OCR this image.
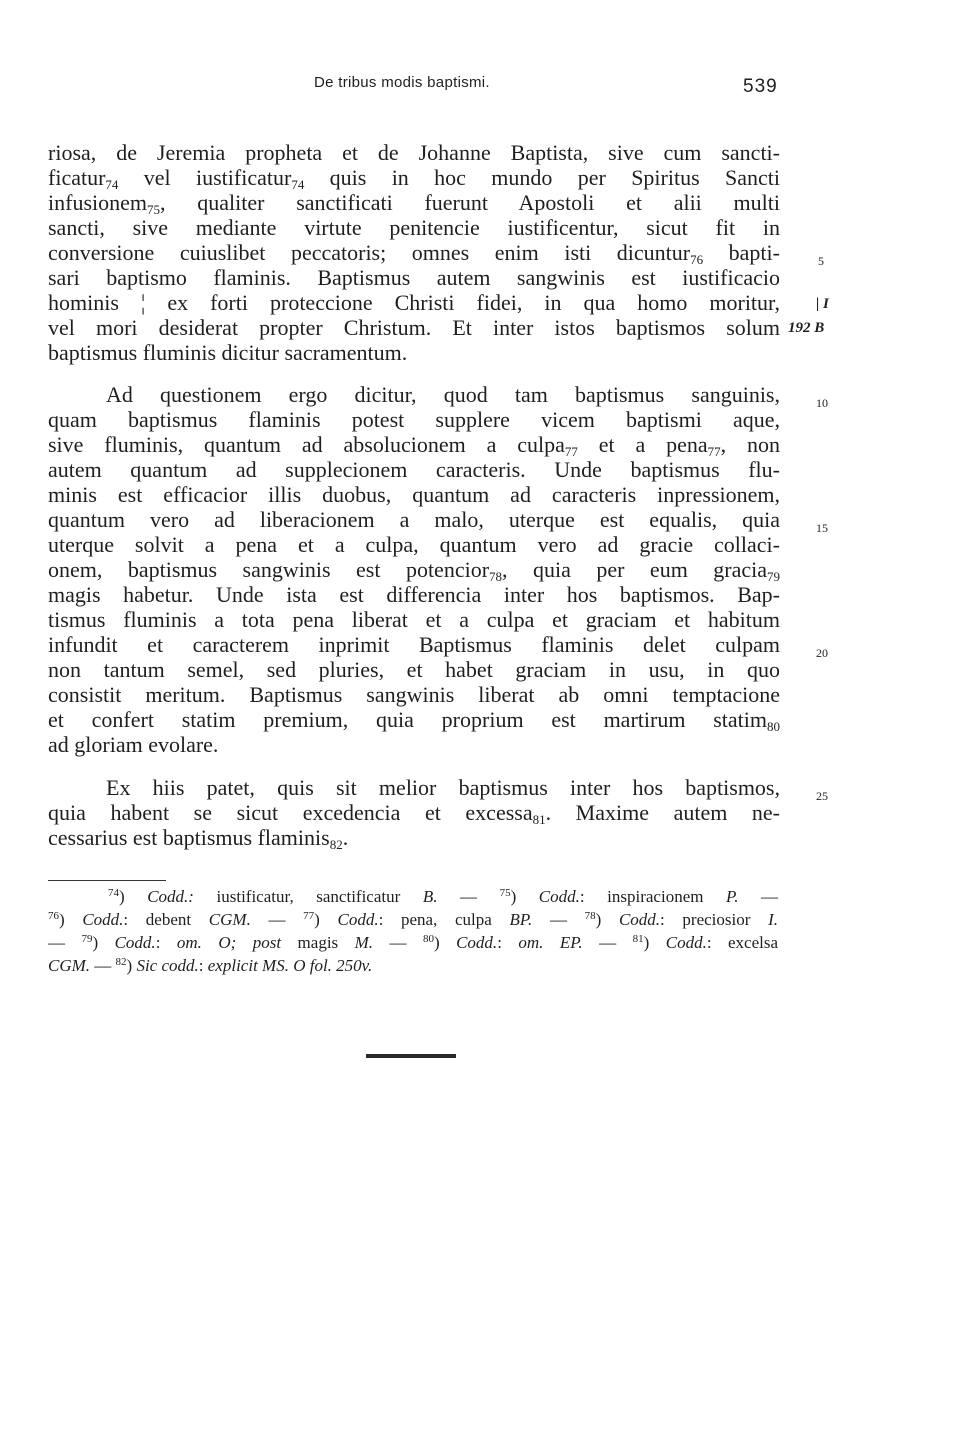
De tribus modis baptismi.	539
riosa, de Jeremia propheta et de Johanne Baptista, sive cum sancti-
ficatur$_{74}$ vel iustificatur$_{74}$ quis in hoc mundo per Spiritus Sancti
infusionem$_{75}$, qualiter sanctificati fuerunt Apostoli et alii multi
sancti, sive mediante virtute penitencie iustificentur, sicut fit in
conversione cuiuslibet peccatoris; omnes enim isti dicuntur$_{76}$ bapti-
sari baptismo flaminis. Baptismus autem sangwinis est iustificacio
hominis ¦ ex forti proteccione Christi fidei, in qua homo moritur,
vel mori desiderat propter Christum. Et inter istos baptismos solum
baptismus fluminis dicitur sacramentum.
Ad questionem ergo dicitur, quod tam baptismus sanguinis,
quam baptismus flaminis potest supplere vicem baptismi aque,
sive fluminis, quantum ad absolucionem a culpa$_{77}$ et a pena$_{77}$, non
autem quantum ad supplecionem caracteris. Unde baptismus flu-
minis est efficacior illis duobus, quantum ad caracteris inpressionem,
quantum vero ad liberacionem a malo, uterque est equalis, quia
uterque solvit a pena et a culpa, quantum vero ad gracie collaci-
onem, baptismus sangwinis est potencior$_{78}$, quia per eum gracia$_{79}$
magis habetur. Unde ista est differencia inter hos baptismos. Bap-
tismus fluminis a tota pena liberat et a culpa et graciam et habitum
infundit et caracterem inprimit Baptismus flaminis delet culpam
non tantum semel, sed pluries, et habet graciam in usu, in quo
consistit meritum. Baptismus sangwinis liberat ab omni temptacione
et confert statim premium, quia proprium est martirum statim$_{80}$
ad gloriam evolare.
Ex hiis patet, quis sit melior baptismus inter hos baptismos,
quia habent se sicut excedencia et excessa$_{81}$. Maxime autem ne-
cessarius est baptismus flaminis$_{82}$.
5
10
15
20
25
| I
192 B
$^{74}$) Codd.: iustificatur, sanctificatur B. — $^{75}$) Codd.: inspiracionem P. —
$^{76}$) Codd.: debent CGM. — $^{77}$) Codd.: pena, culpa BP. — $^{78}$) Codd.: preciosior I.
— $^{79}$) Codd.: om. O; post magis M. — $^{80}$) Codd.: om. EP. — $^{81}$) Codd.: excelsa
CGM. — $^{82}$) Sic codd.: explicit MS. O fol. 250v.
